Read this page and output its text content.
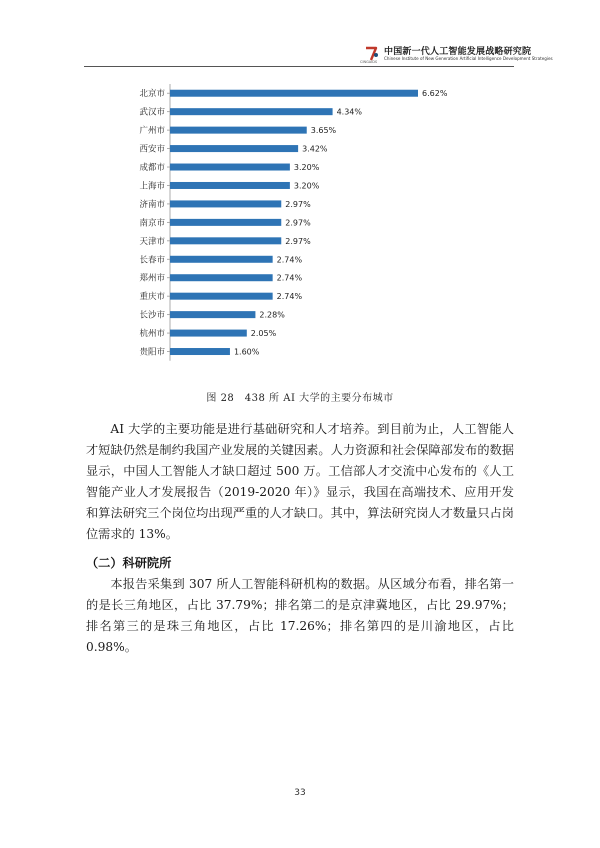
CINGAIDS
中国新一代人工智能发展战略研究院
Chinese Institute of New Generation Artificial Intelligence Development Strategies
北京市	6.62%
武汉市	4.34%
广州市	3.65%
西安市	3.42%
成都市	3.20%
上海市	3.20%
济南市	2.97%
南京市	2.97%
天津市	2.97%
长春市	2.74%
郑州市	2.74%
重庆市	2.74%
长沙市	2.28%
杭州市	2.05%
贵阳市	1.60%
图 28　438 所 AI 大学的主要分布城市
AI 大学的主要功能是进行基础研究和人才培养。到目前为止，人工智能人才短缺仍然是制约我国产业发展的关键因素。人力资源和社会保障部发布的数据显示，中国人工智能人才缺口超过 500 万。工信部人才交流中心发布的《人工智能产业人才发展报告（2019-2020 年）》显示，我国在高端技术、应用开发和算法研究三个岗位均出现严重的人才缺口。其中，算法研究岗人才数量只占岗位需求的 13%。
（二）科研院所
本报告采集到 307 所人工智能科研机构的数据。从区域分布看，排名第一的是长三角地区，占比 37.79%；排名第二的是京津冀地区，占比 29.97%；排名第三的是珠三角地区，占比 17.26%；排名第四的是川渝地区，占比 0.98%。
33
